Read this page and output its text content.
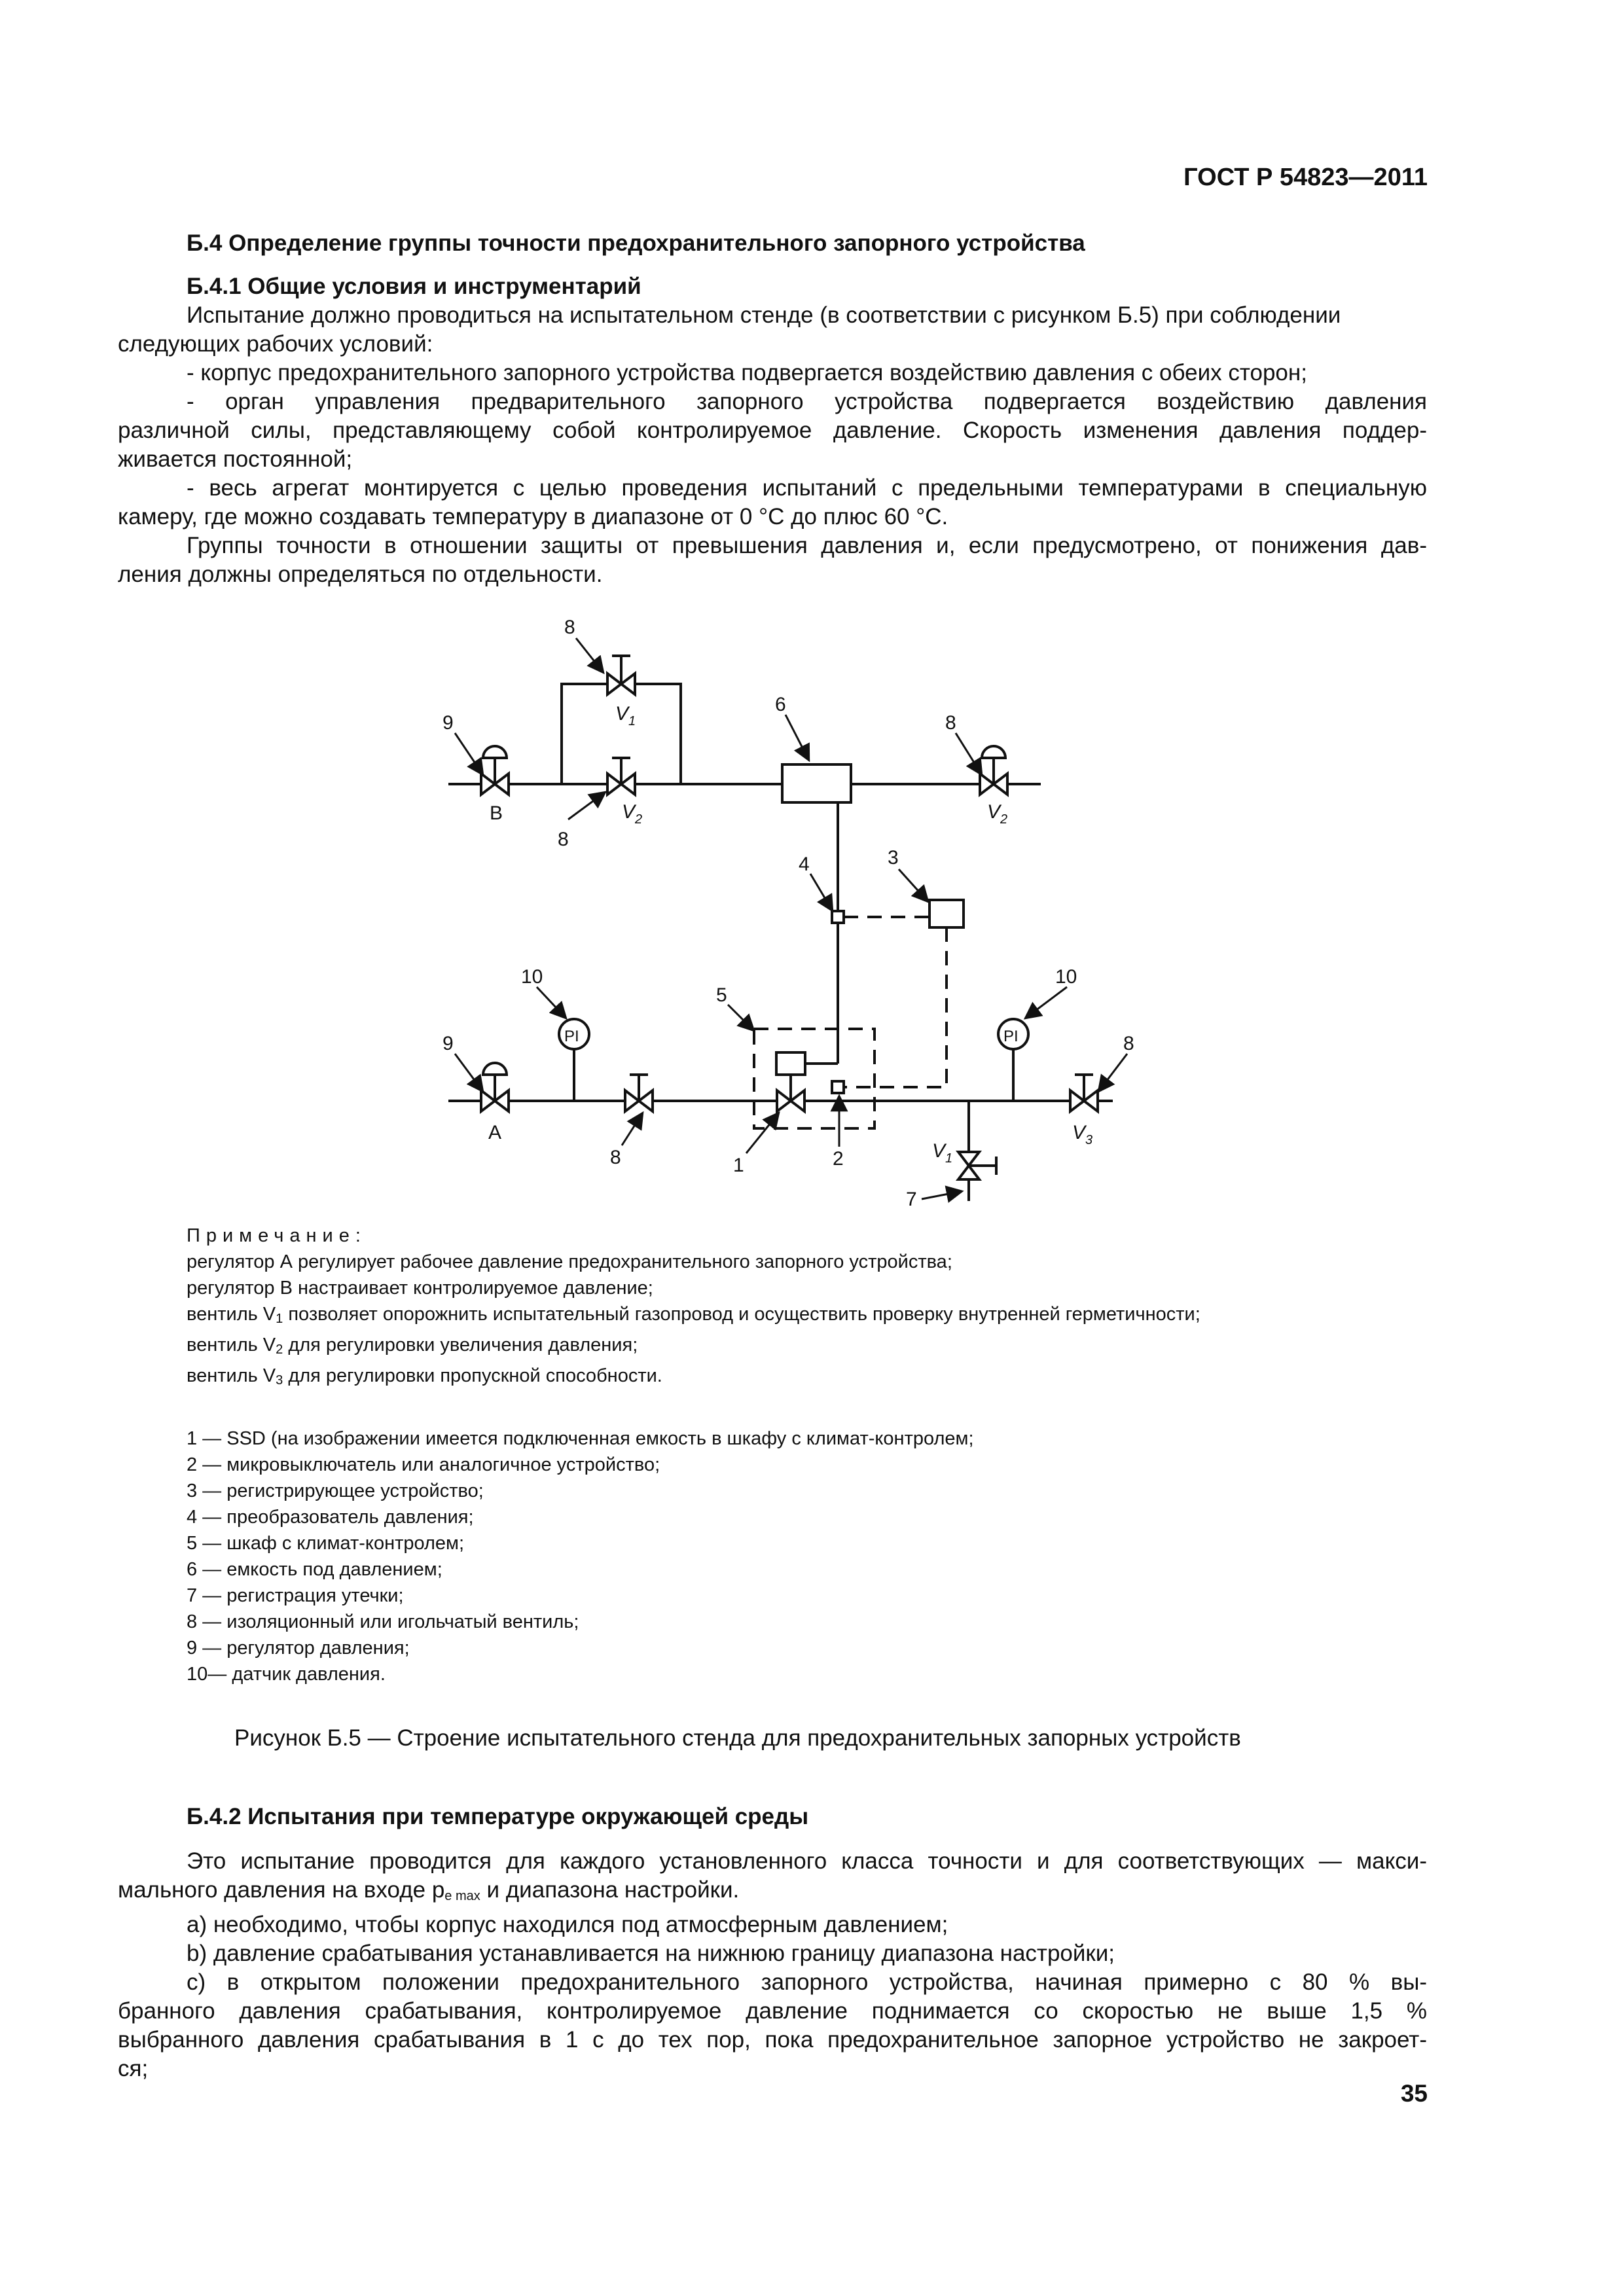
ГОСТ Р 54823—2011
Б.4 Определение группы точности предохранительного запорного устройства
Б.4.1 Общие условия и инструментарий
Испытание должно проводиться на испытательном стенде (в соответствии с рисунком Б.5) при соблюдении
следующих рабочих условий:
- корпус предохранительного запорного устройства подвергается воздействию давления с обеих сторон;
- орган управления предварительного запорного устройства подвергается воздействию давления
различной силы, представляющему собой контролируемое давление. Скорость изменения давления поддер-
живается постоянной;
- весь агрегат монтируется с целью проведения испытаний с предельными температурами в специальную
камеру, где можно создавать температуру в диапазоне от 0 °С до плюс 60 °С.
Группы точности в отношении защиты от превышения давления и, если предусмотрено, от понижения дав-
ления должны определяться по отдельности.
8
9
B
8
6
8
4	3
10	10
5
9	8
A
8	1	2
7
PI	PI
$V_1$
$V_2$	$V_2$
$V_3$
$V_1$
Примечание:
регулятор А регулирует рабочее давление предохранительного запорного устройства;
регулятор В настраивает контролируемое давление;
вентиль $V_1$ позволяет опорожнить испытательный газопровод и осуществить проверку внутренней герметичности;
вентиль $V_2$ для регулировки увеличения давления;
вентиль $V_3$ для регулировки пропускной способности.
1 — SSD (на изображении имеется подключенная емкость в шкафу с климат-контролем;
2 — микровыключатель или аналогичное устройство;
3 — регистрирующее устройство;
4 — преобразователь давления;
5 — шкаф с климат-контролем;
6 — емкость под давлением;
7 — регистрация утечки;
8 — изоляционный или игольчатый вентиль;
9 — регулятор давления;
10— датчик давления.
Рисунок Б.5 — Строение испытательного стенда для предохранительных запорных устройств
Б.4.2 Испытания при температуре окружающей среды
Это испытание проводится для каждого установленного класса точности и для соответствующих — макси-
мального давления на входе $p_{e max}$ и диапазона настройки.
a) необходимо, чтобы корпус находился под атмосферным давлением;
b) давление срабатывания устанавливается на нижнюю границу диапазона настройки;
c) в открытом положении предохранительного запорного устройства, начиная примерно с 80 % вы-
бранного давления срабатывания, контролируемое давление поднимается со скоростью не выше 1,5 %
выбранного давления срабатывания в 1 с до тех пор, пока предохранительное запорное устройство не закроет-
ся;
35
